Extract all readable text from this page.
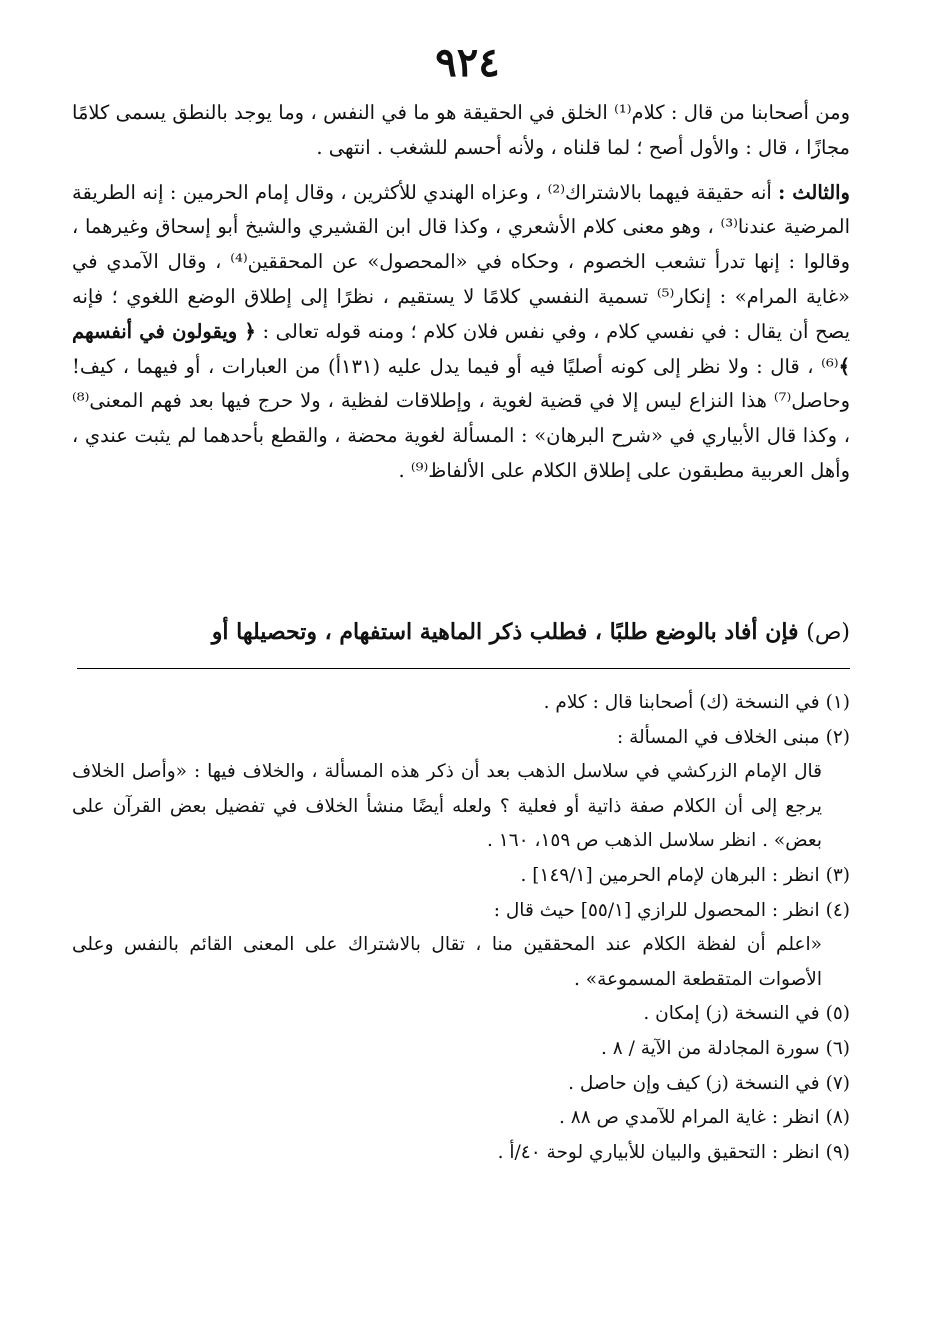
٩٢٤

ومن أصحابنا من قال : كلام⁽¹⁾ الخلق في الحقيقة هو ما في النفس ، وما يوجد بالنطق يسمى كلامًا مجازًا ، قال : والأول أصح ؛ لما قلناه ، ولأنه أحسم للشغب . انتهى .

والثالث : أنه حقيقة فيهما بالاشتراك⁽²⁾ ، وعزاه الهندي للأكثرين ، وقال إمام الحرمين : إنه الطريقة المرضية عندنا⁽³⁾ ، وهو معنى كلام الأشعري ، وكذا قال ابن القشيري والشيخ أبو إسحاق وغيرهما ، وقالوا : إنها تدرأ تشعب الخصوم ، وحكاه في «المحصول» عن المحققين⁽⁴⁾ ، وقال الآمدي في «غاية المرام» : إنكار⁽⁵⁾ تسمية النفسي كلامًا لا يستقيم ، نظرًا إلى إطلاق الوضع اللغوي ؛ فإنه يصح أن يقال : في نفسي كلام ، وفي نفس فلان كلام ؛ ومنه قوله تعالى : ﴿ ويقولون في أنفسهم ﴾⁽⁶⁾ ، قال : ولا نظر إلى كونه أصليًا فيه أو فيما يدل عليه (١٣١أ) من العبارات ، أو فيهما ، كيف! وحاصل⁽⁷⁾ هذا النزاع ليس إلا في قضية لغوية ، وإطلاقات لفظية ، ولا حرج فيها بعد فهم المعنى⁽⁸⁾ ، وكذا قال الأبياري في «شرح البرهان» : المسألة لغوية محضة ، والقطع بأحدهما لم يثبت عندي ، وأهل العربية مطبقون على إطلاق الكلام على الألفاظ⁽⁹⁾ .

(ص) فإن أفاد بالوضع طلبًا ، فطلب ذكر الماهية استفهام ، وتحصيلها أو
(١)في النسخة (ك) أصحابنا قال : كلام .
(٢)مبنى الخلاف في المسألة :
قال الإمام الزركشي في سلاسل الذهب بعد أن ذكر هذه المسألة ، والخلاف فيها : «وأصل الخلاف يرجع إلى أن الكلام صفة ذاتية أو فعلية ؟ ولعله أيضًا منشأ الخلاف في تفضيل بعض القرآن على بعض» . انظر سلاسل الذهب ص ١٥٩، ١٦٠ .
(٣)انظر : البرهان لإمام الحرمين [١٤٩/١] .
(٤)انظر : المحصول للرازي [٥٥/١] حيث قال :
«اعلم أن لفظة الكلام عند المحققين منا ، تقال بالاشتراك على المعنى القائم بالنفس وعلى الأصوات المتقطعة المسموعة» .
(٥)في النسخة (ز) إمكان .
(٦)سورة المجادلة من الآية / ٨ .
(٧)في النسخة (ز) كيف وإن حاصل .
(٨)انظر : غاية المرام للآمدي ص ٨٨ .
(٩)انظر : التحقيق والبيان للأبياري لوحة ٤٠/أ .
